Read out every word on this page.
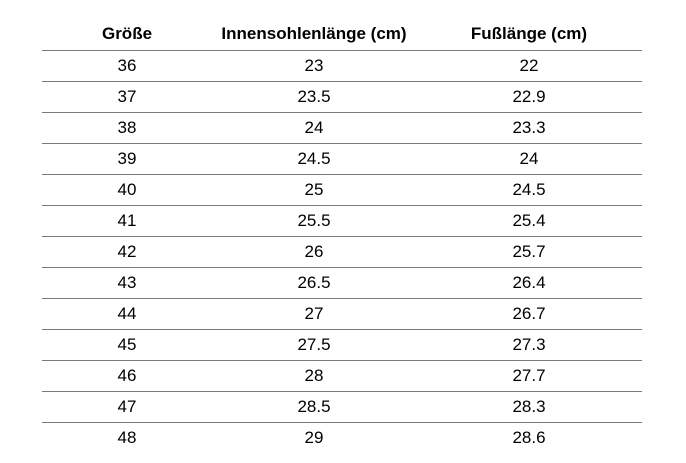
Größe	Innensohlenlänge (cm)	Fußlänge (cm)
36	23	22
37	23.5	22.9
38	24	23.3
39	24.5	24
40	25	24.5
41	25.5	25.4
42	26	25.7
43	26.5	26.4
44	27	26.7
45	27.5	27.3
46	28	27.7
47	28.5	28.3
48	29	28.6
